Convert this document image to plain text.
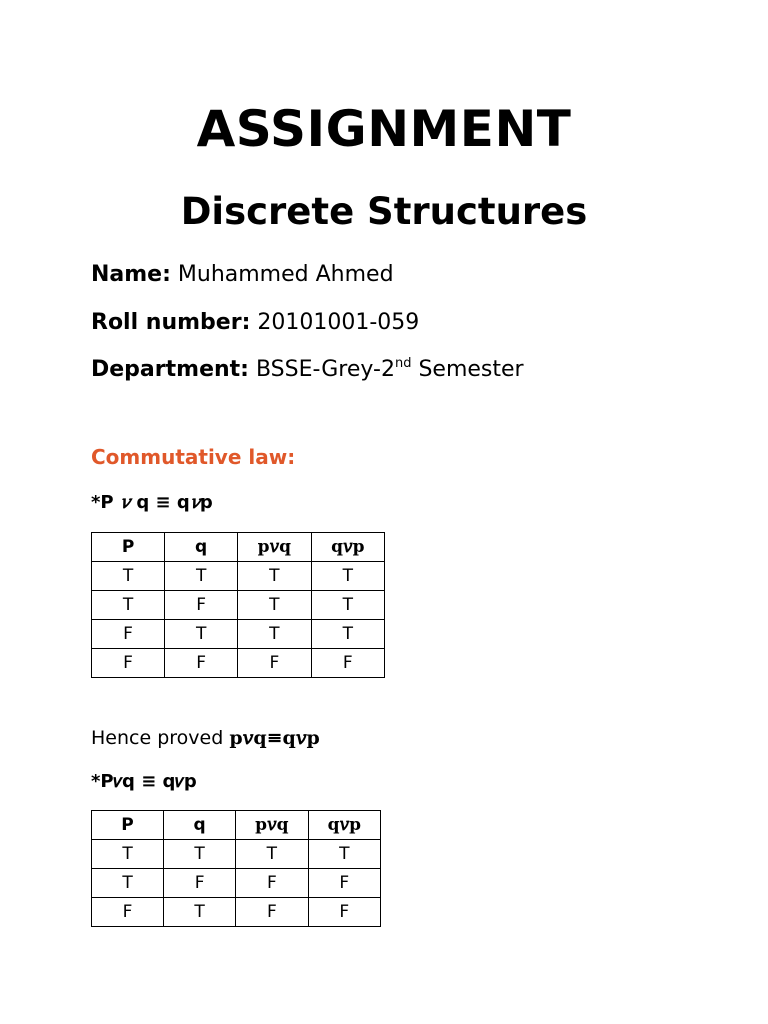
ASSIGNMENT
Discrete Structures
Name: Muhammed Ahmed
Roll number: 20101001-059
Department: BSSE-Grey-2nd Semester
Commutative law:
*P 𝑣 q ≡ q𝑣p
P	q	p𝑣q	q𝑣p
T	T	T	T
T	F	T	T
F	T	T	T
F	F	F	F
Hence proved p𝑣q≡q𝑣p
*P𝑣q ≡ q𝑣p
P	q	p𝑣q	q𝑣p
T	T	T	T
T	F	F	F
F	T	F	F
